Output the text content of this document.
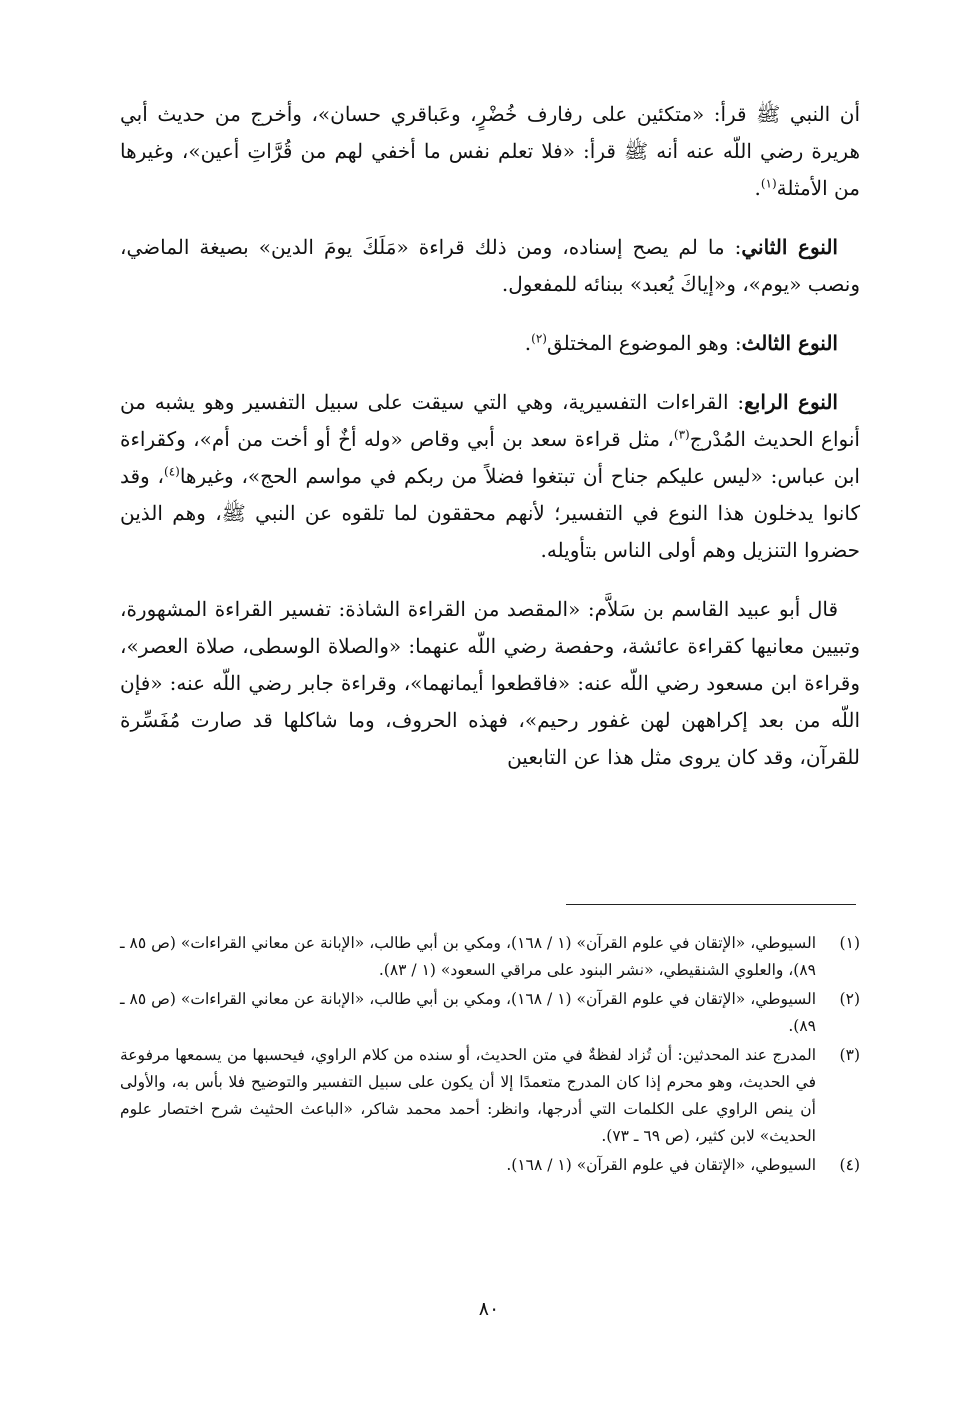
أن النبي ﷺ قرأ: «متكئين على رفارف خُضْرٍ، وعَباقري حسان»، وأخرج من حديث أبي هريرة رضي اللّه عنه أنه ﷺ قرأ: «فلا تعلم نفس ما أخفي لهم من قُرَّاتِ أعين»، وغيرها من الأمثلة$^{(١)}$.

النوع الثاني: ما لم يصح إسناده، ومن ذلك قراءة «مَلَكَ يومَ الدين» بصيغة الماضي، ونصب «يوم»، و«إياكَ يُعبد» ببنائه للمفعول.

النوع الثالث: وهو الموضوع المختلق$^{(٢)}$.

النوع الرابع: القراءات التفسيرية، وهي التي سيقت على سبيل التفسير وهو يشبه من أنواع الحديث المُدْرج$^{(٣)}$، مثل قراءة سعد بن أبي وقاص «وله أخٌ أو أخت من أم»، وكقراءة ابن عباس: «ليس عليكم جناح أن تبتغوا فضلاً من ربكم في مواسم الحج»، وغيرها$^{(٤)}$، وقد كانوا يدخلون هذا النوع في التفسير؛ لأنهم محققون لما تلقوه عن النبي ﷺ، وهم الذين حضروا التنزيل وهم أولى الناس بتأويله.

قال أبو عبيد القاسم بن سَلاَّم: «المقصد من القراءة الشاذة: تفسير القراءة المشهورة، وتبيين معانيها كقراءة عائشة، وحفصة رضي اللّه عنهما: «والصلاة الوسطى، صلاة العصر»، وقراءة ابن مسعود رضي اللّه عنه: «فاقطعوا أيمانهما»، وقراءة جابر رضي اللّه عنه: «فإن اللّه من بعد إكراههن لهن غفور رحيم»، فهذه الحروف، وما شاكلها قد صارت مُفَسِّرة للقرآن، وقد كان يروى مثل هذا عن التابعين

(١)
السيوطي، «الإتقان في علوم القرآن» (١ / ١٦٨)، ومكي بن أبي طالب، «الإبانة عن معاني القراءات» (ص ٨٥ ـ ٨٩)، والعلوي الشنقيطي، «نشر البنود على مراقي السعود» (١ / ٨٣).
(٢)
السيوطي، «الإتقان في علوم القرآن» (١ / ١٦٨)، ومكي بن أبي طالب، «الإبانة عن معاني القراءات» (ص ٨٥ ـ ٨٩).
(٣)
المدرج عند المحدثين: أن تُزاد لفظةٌ في متن الحديث، أو سنده من كلام الراوي، فيحسبها من يسمعها مرفوعة في الحديث، وهو محرم إذا كان المدرج متعمدًا إلا أن يكون على سبيل التفسير والتوضيح فلا بأس به، والأولى أن ينص الراوي على الكلمات التي أدرجها، وانظر: أحمد محمد شاكر، «الباعث الحثيث شرح اختصار علوم الحديث» لابن كثير، (ص ٦٩ ـ ٧٣).
(٤)
السيوطي، «الإتقان في علوم القرآن» (١ / ١٦٨).
٨٠
